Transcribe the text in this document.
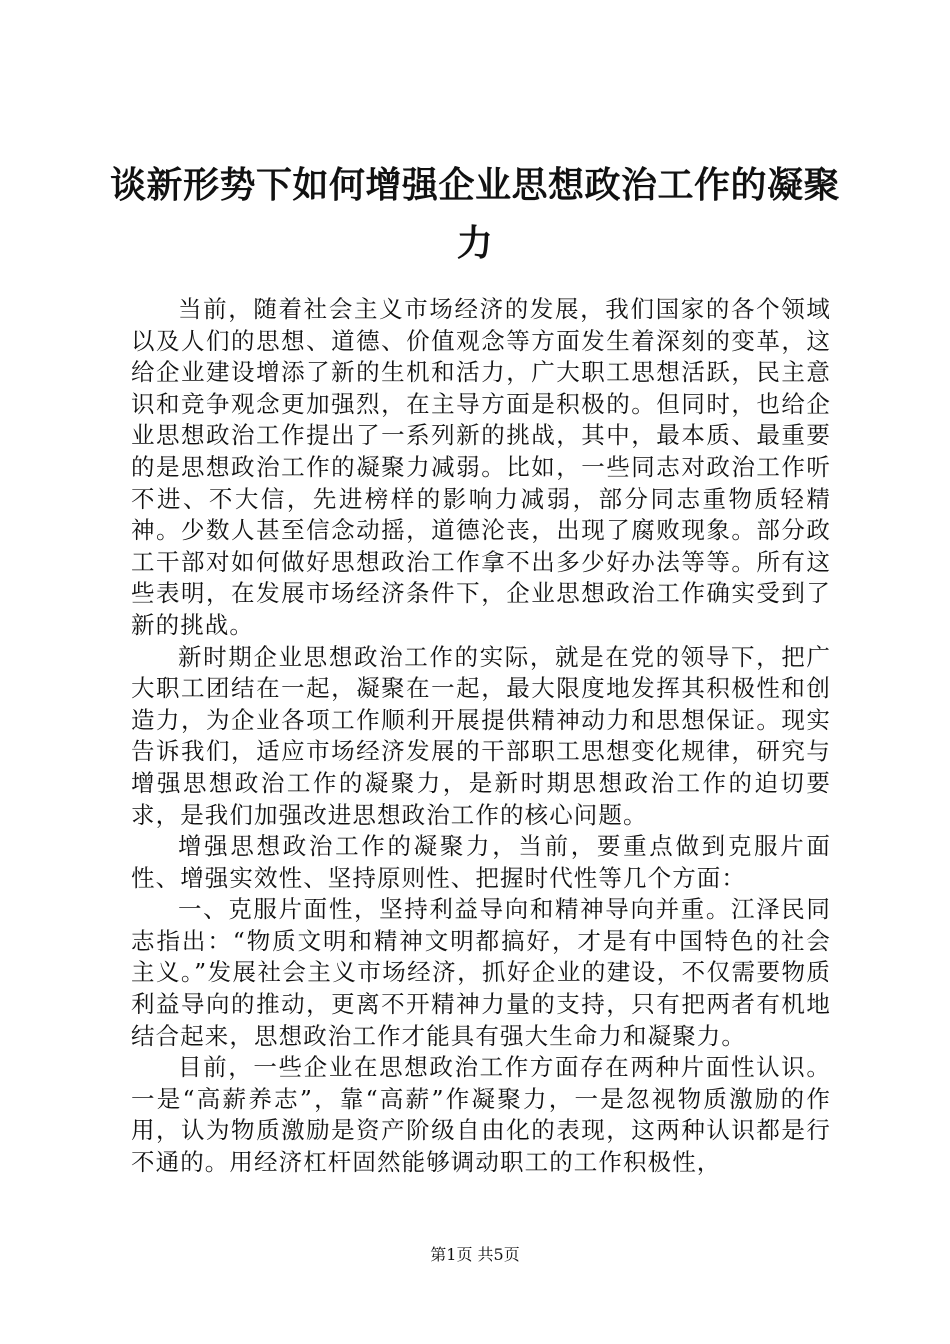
谈新形势下如何增强企业思想政治工作的凝聚
力

当前，随着社会主义市场经济的发展，我们国家的各个领域以及人们的思想、道德、价值观念等方面发生着深刻的变革，这给企业建设增添了新的生机和活力，广大职工思想活跃，民主意识和竞争观念更加强烈，在主导方面是积极的。但同时，也给企业思想政治工作提出了一系列新的挑战，其中，最本质、最重要的是思想政治工作的凝聚力减弱。比如，一些同志对政治工作听不进、不大信，先进榜样的影响力减弱，部分同志重物质轻精神。少数人甚至信念动摇，道德沦丧，出现了腐败现象。部分政工干部对如何做好思想政治工作拿不出多少好办法等等。所有这些表明，在发展市场经济条件下，企业思想政治工作确实受到了新的挑战。

新时期企业思想政治工作的实际，就是在党的领导下，把广大职工团结在一起，凝聚在一起，最大限度地发挥其积极性和创造力，为企业各项工作顺利开展提供精神动力和思想保证。现实告诉我们，适应市场经济发展的干部职工思想变化规律，研究与增强思想政治工作的凝聚力，是新时期思想政治工作的迫切要求，是我们加强改进思想政治工作的核心问题。

增强思想政治工作的凝聚力，当前，要重点做到克服片面性、增强实效性、坚持原则性、把握时代性等几个方面：

一、克服片面性，坚持利益导向和精神导向并重。江泽民同志指出：“物质文明和精神文明都搞好，才是有中国特色的社会主义。”发展社会主义市场经济，抓好企业的建设，不仅需要物质利益导向的推动，更离不开精神力量的支持，只有把两者有机地结合起来，思想政治工作才能具有强大生命力和凝聚力。

目前，一些企业在思想政治工作方面存在两种片面性认识。一是“高薪养志”，靠“高薪”作凝聚力，一是忽视物质激励的作用，认为物质激励是资产阶级自由化的表现，这两种认识都是行不通的。用经济杠杆固然能够调动职工的工作积极性，

第1页 共5页
